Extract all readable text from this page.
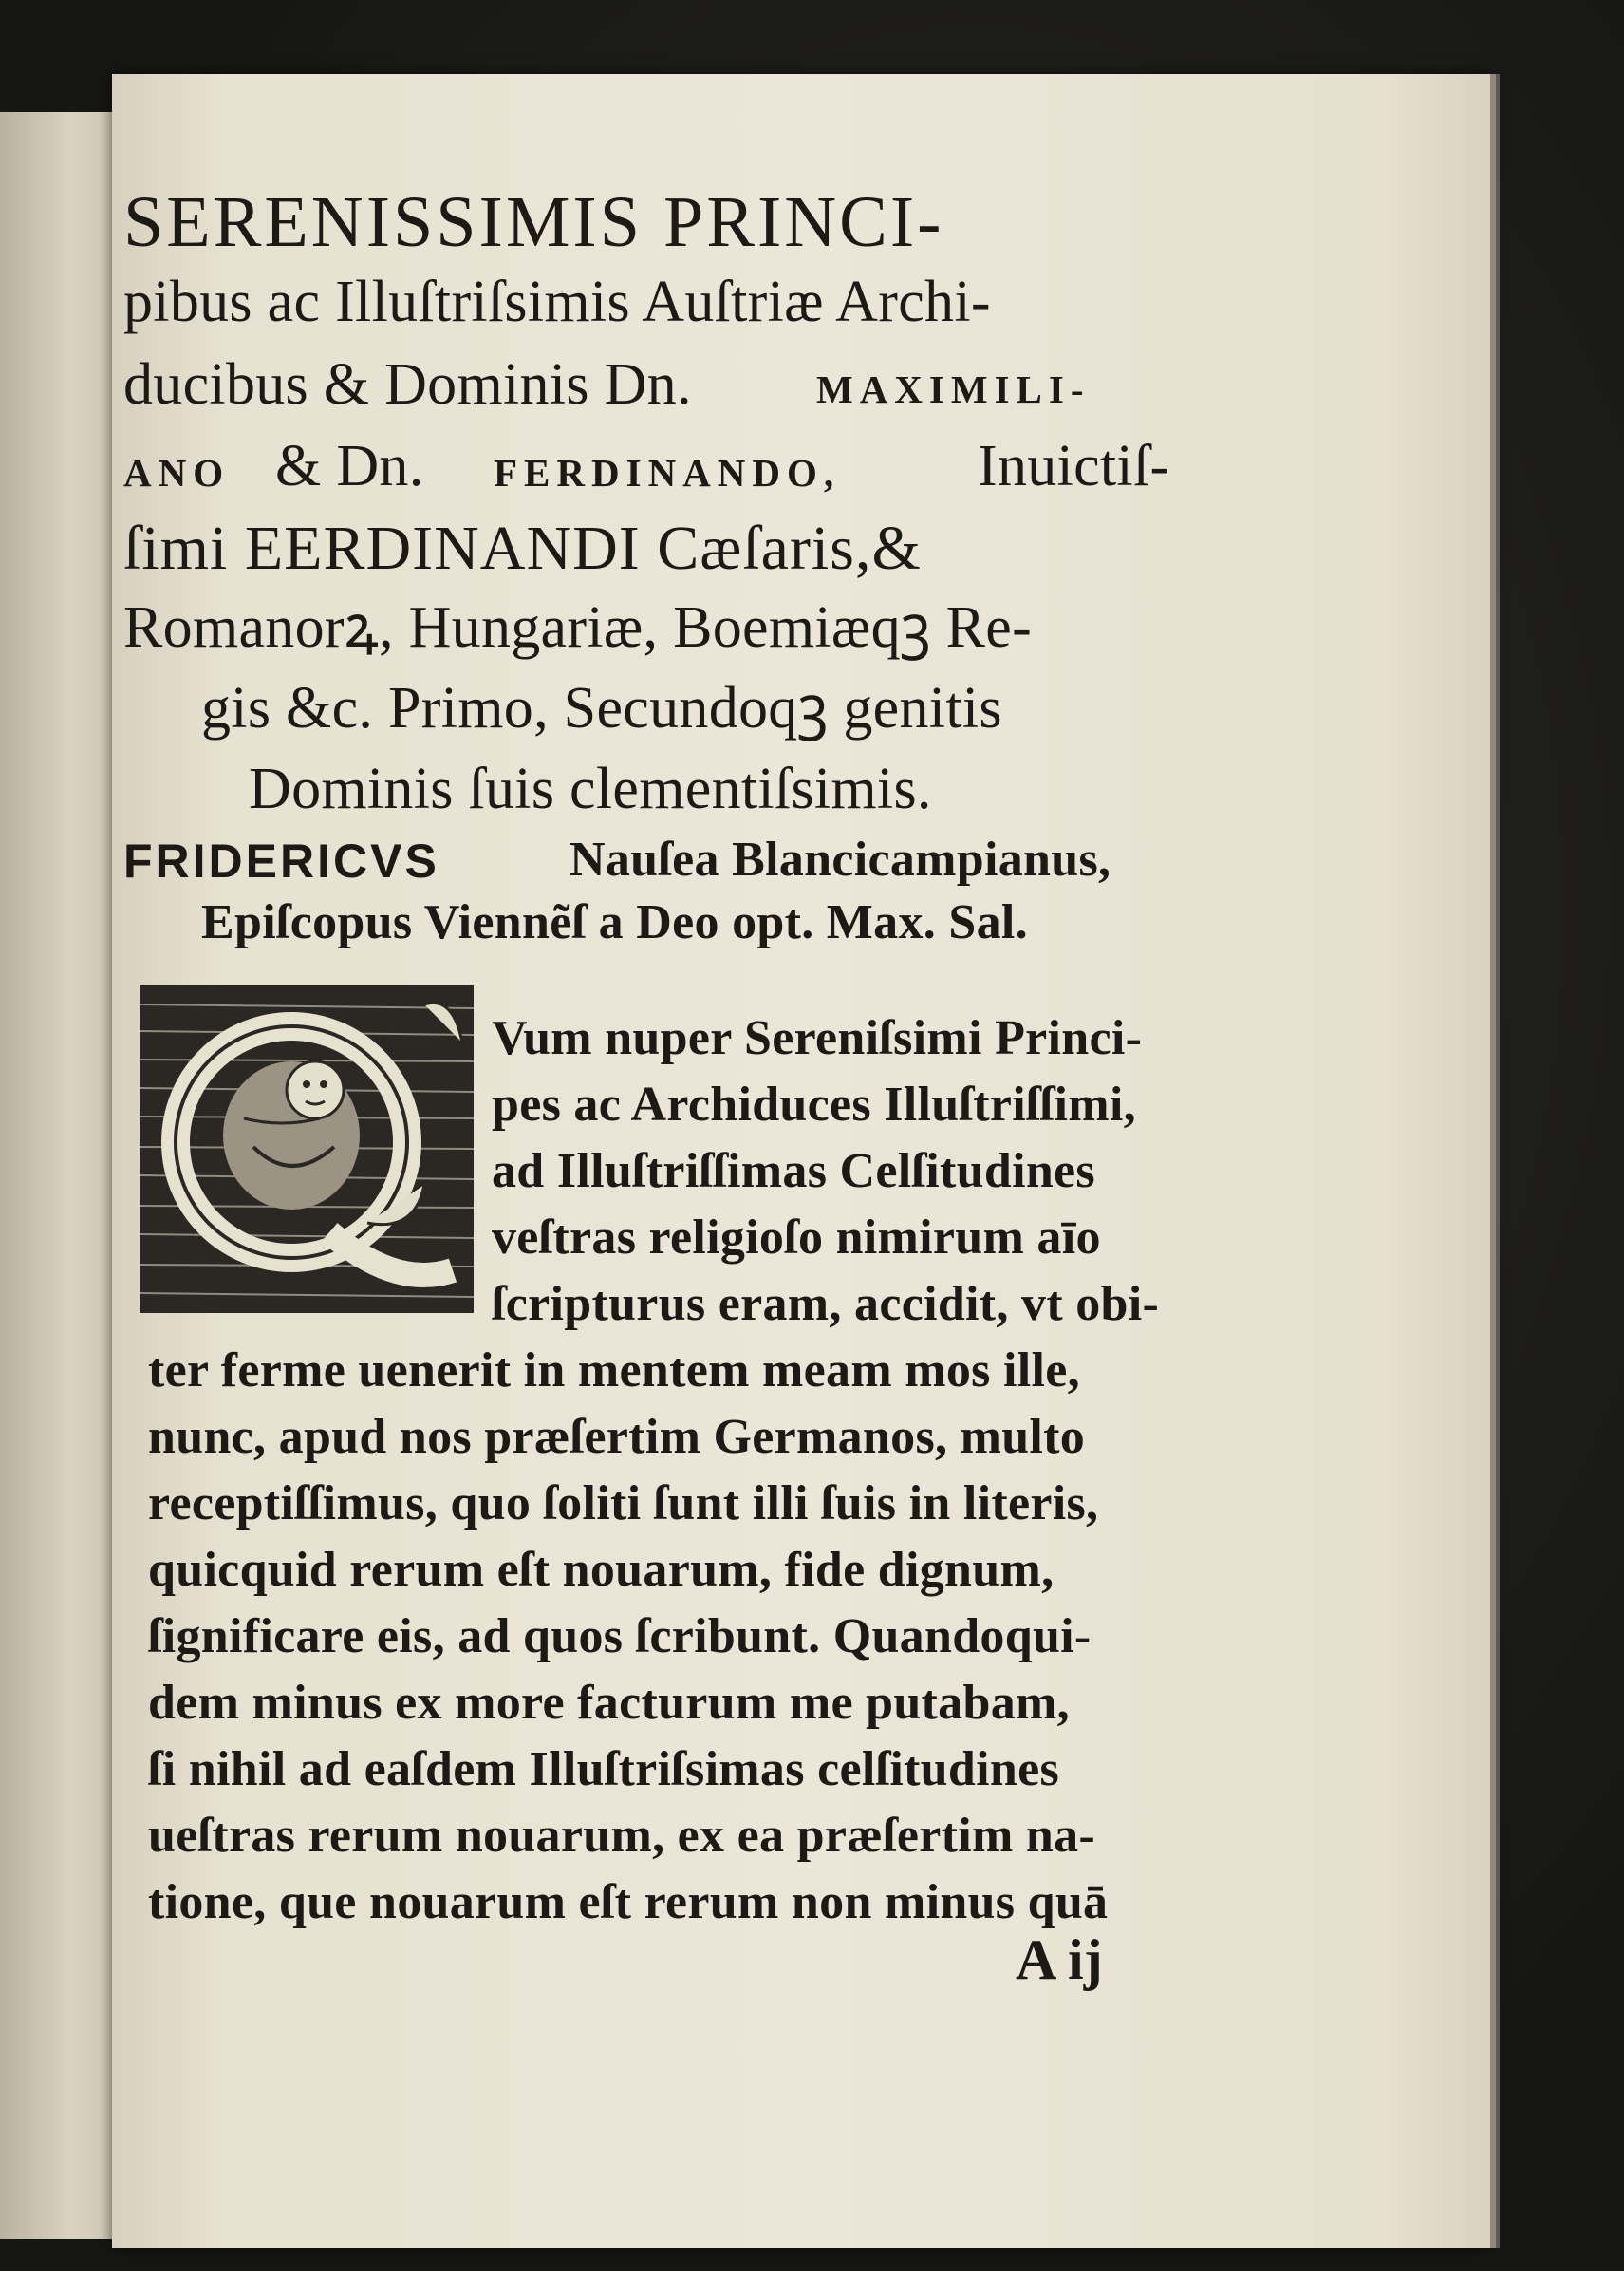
SERENISSIMIS PRINCI-
pibus ac Illuſtriſsimis Auſtriæ Archi-
ducibus & Dominis Dn.	MAXIMILI-
ANO & Dn. FERDINANDO, Inuictiſ-
ſimi EERDINANDI Cæſaris,&
Romanorꝝ, Hungariæ, Boemiæqꝫ Re-
gis &c. Primo, Secundoqꝫ genitis
Dominis ſuis clementiſsimis.
FRIDERICVS	Nauſea Blancicampianus,
Epiſcopus Viennẽſ a Deo opt. Max. Sal.
Vum nuper Sereniſsimi Princi-
pes ac Archiduces Illuſtriſſimi,
ad Illuſtriſſimas Celſitudines
veſtras religioſo nimirum aīo
ſcripturus eram, accidit, vt obi-
ter ferme uenerit in mentem meam mos ille,
nunc, apud nos præſertim Germanos, multo
receptiſſimus, quo ſoliti ſunt illi ſuis in literis,
quicquid rerum eſt nouarum, fide dignum,
ſignificare eis, ad quos ſcribunt. Quandoqui-
dem minus ex more facturum me putabam,
ſi nihil ad eaſdem Illuſtriſsimas celſitudines
ueſtras rerum nouarum, ex ea præſertim na-
tione, que nouarum eſt rerum non minus quā
A ij
